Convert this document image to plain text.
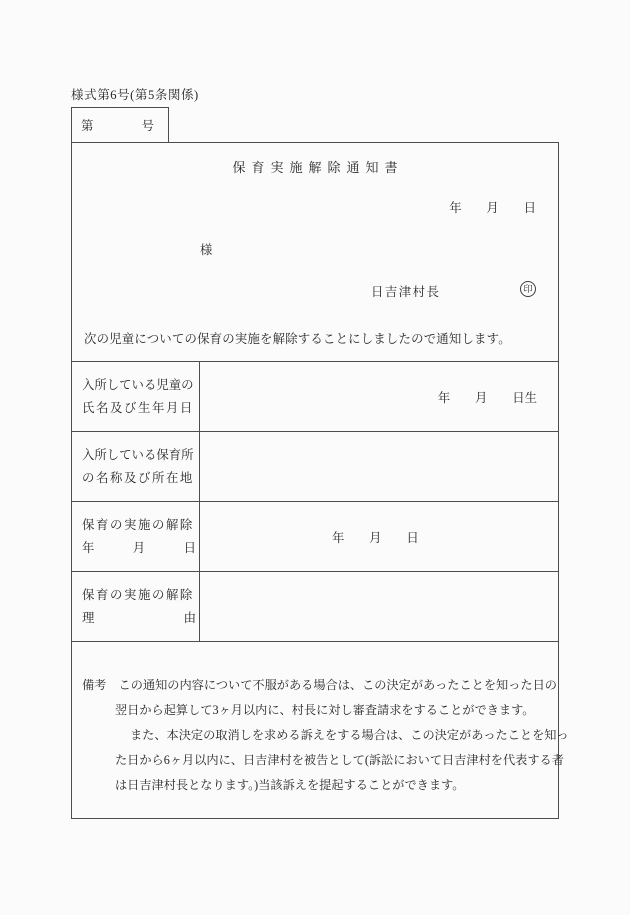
様式第6号(第5条関係)
第	号
保育実施解除通知書
年　　月　　日
様
日吉津村長	印
次の児童についての保育の実施を解除することにしましたので通知します。
入所している児童の
氏名及び生年月日
年　　月　　日生
入所している保育所
の名称及び所在地
保育の実施の解除
年　月　日
年　　月　　日
保育の実施の解除
理　由
備考　この通知の内容について不服がある場合は、この決定があったことを知った日の
翌日から起算して3ヶ月以内に、村長に対し審査請求をすることができます。
また、本決定の取消しを求める訴えをする場合は、この決定があったことを知っ
た日から6ヶ月以内に、日吉津村を被告として(訴訟において日吉津村を代表する者
は日吉津村長となります。)当該訴えを提起することができます。
